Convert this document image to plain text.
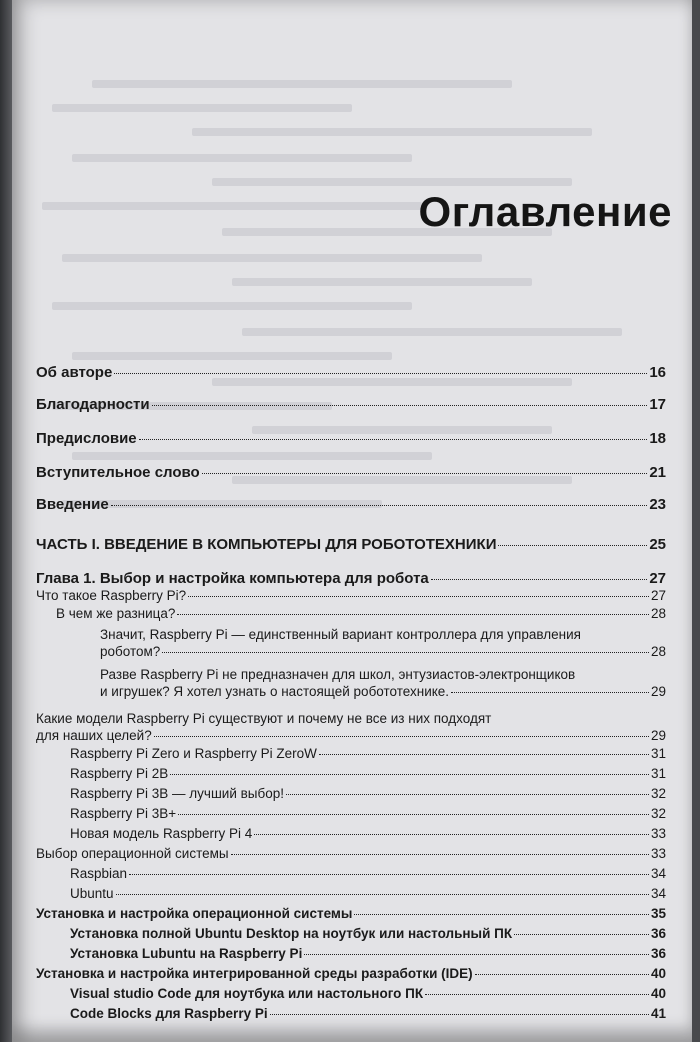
Оглавление
Об авторе	16
Благодарности	17
Предисловие	18
Вступительное слово	21
Введение	23
ЧАСТЬ I. ВВЕДЕНИЕ В КОМПЬЮТЕРЫ ДЛЯ РОБОТОТЕХНИКИ	25
Глава 1. Выбор и настройка компьютера для робота	27
Что такое Raspberry Pi?	27
В чем же разница?	28
Значит, Raspberry Pi — единственный вариант контроллера для управления
роботом?	28
Разве Raspberry Pi не предназначен для школ, энтузиастов-электронщиков
и игрушек? Я хотел узнать о настоящей робототехнике.	29
Какие модели Raspberry Pi существуют и почему не все из них подходят
для наших целей?	29
Raspberry Pi Zero и Raspberry Pi ZeroW	31
Raspberry Pi 2B	31
Raspberry Pi 3B — лучший выбор!	32
Raspberry Pi 3B+	32
Новая модель Raspberry Pi 4	33
Выбор операционной системы	33
Raspbian	34
Ubuntu	34
Установка и настройка операционной системы	35
Установка полной Ubuntu Desktop на ноутбук или настольный ПК	36
Установка Lubuntu на Raspberry Pi	36
Установка и настройка интегрированной среды разработки (IDE)	40
Visual studio Code для ноутбука или настольного ПК	40
Code Blocks для Raspberry Pi	41
